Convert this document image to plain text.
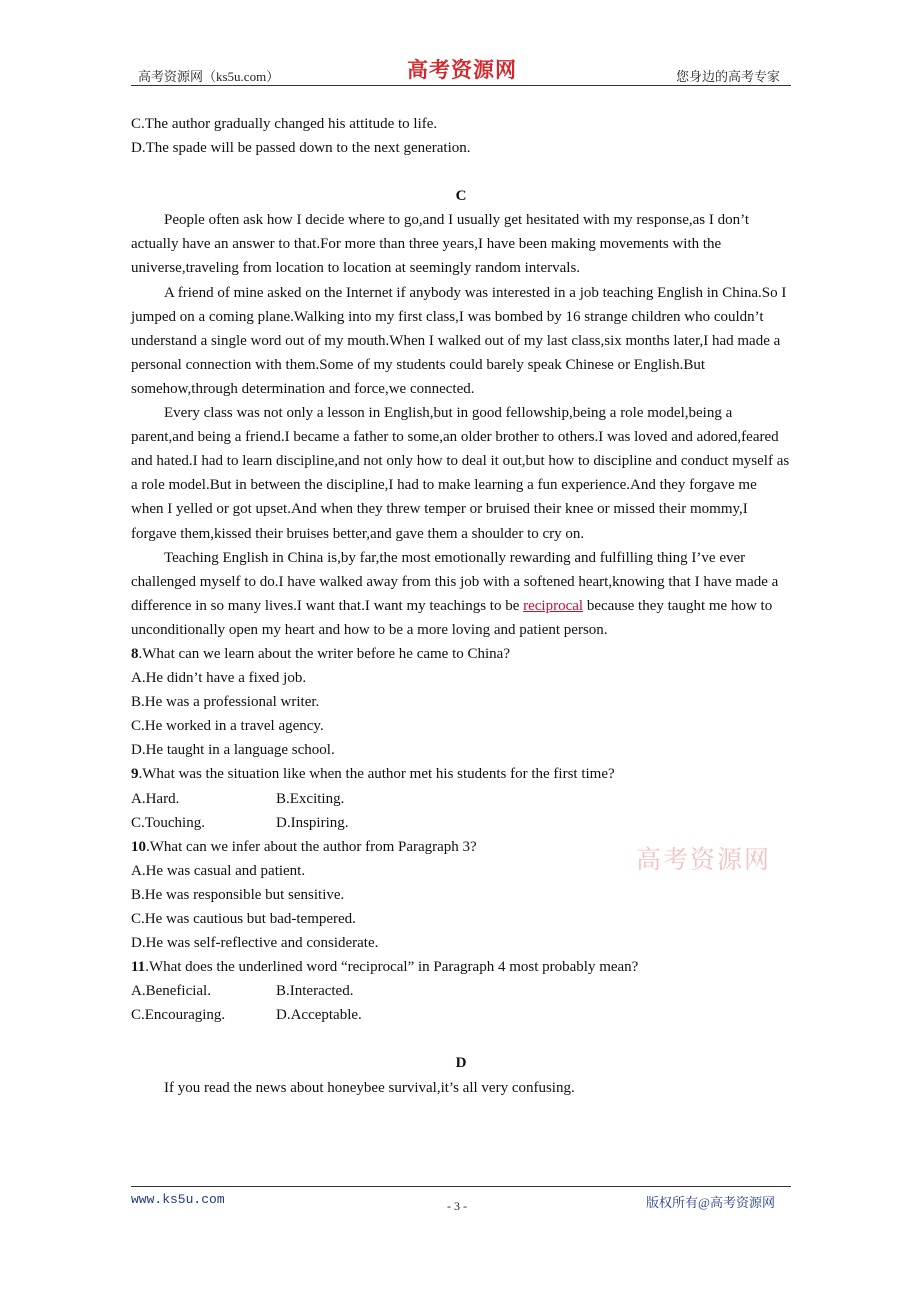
高考资源网（ks5u.com）	高考资源网	您身边的高考专家

C.The author gradually changed his attitude to life.

D.The spade will be passed down to the next generation.

C

People often ask how I decide where to go,and I usually get hesitated with my response,as I don’t actually have an answer to that.For more than three years,I have been making movements with the universe,traveling from location to location at seemingly random intervals.

A friend of mine asked on the Internet if anybody was interested in a job teaching English in China.So I jumped on a coming plane.Walking into my first class,I was bombed by 16 strange children who couldn’t understand a single word out of my mouth.When I walked out of my last class,six months later,I had made a personal connection with them.Some of my students could barely speak Chinese or English.But somehow,through determination and force,we connected.

Every class was not only a lesson in English,but in good fellowship,being a role model,being a parent,and being a friend.I became a father to some,an older brother to others.I was loved and adored,feared and hated.I had to learn discipline,and not only how to deal it out,but how to discipline and conduct myself as a role model.But in between the discipline,I had to make learning a fun experience.And they forgave me when I yelled or got upset.And when they threw temper or bruised their knee or missed their mommy,I forgave them,kissed their bruises better,and gave them a shoulder to cry on.

Teaching English in China is,by far,the most emotionally rewarding and fulfilling thing I’ve ever challenged myself to do.I have walked away from this job with a softened heart,knowing that I have made a difference in so many lives.I want that.I want my teachings to be reciprocal because they taught me how to unconditionally open my heart and how to be a more loving and patient person.

8.What can we learn about the writer before he came to China?

A.He didn’t have a fixed job.

B.He was a professional writer.

C.He worked in a travel agency.

D.He taught in a language school.

9.What was the situation like when the author met his students for the first time?

A.Hard.	B.Exciting.

C.Touching.	D.Inspiring.

10.What can we infer about the author from Paragraph 3?

A.He was casual and patient.

B.He was responsible but sensitive.

C.He was cautious but bad-tempered.

D.He was self-reflective and considerate.

11.What does the underlined word “reciprocal” in Paragraph 4 most probably mean?

A.Beneficial.	B.Interacted.

C.Encouraging.	D.Acceptable.

D

If you read the news about honeybee survival,it’s all very confusing.

高考资源网
www.ks5u.com	- 3 -	版权所有@高考资源网
